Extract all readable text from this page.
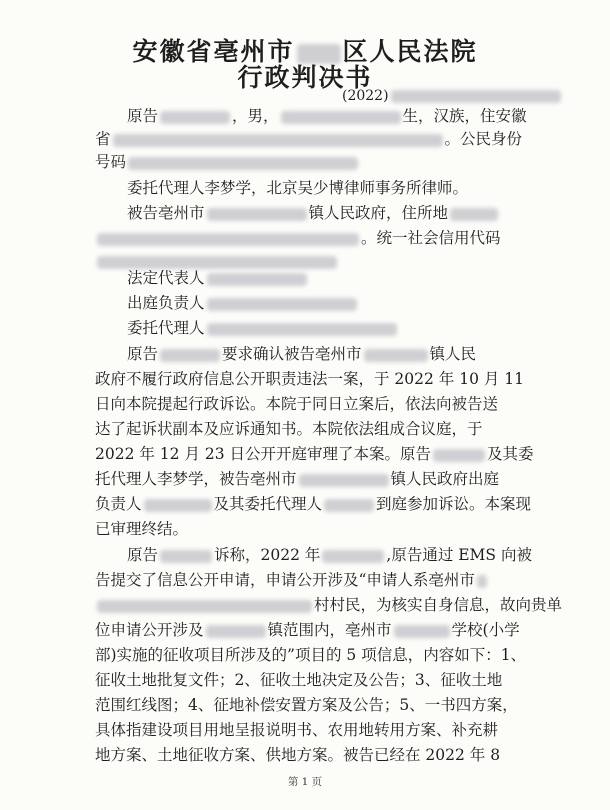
安徽省亳州市 区人民法院
行政判决书
(2022)
原告	，男，	生，汉族，住安徽
省	。公民身份
号码
委托代理人李梦学，北京吴少博律师事务所律师。
被告亳州市	镇人民政府，住所地
。统一社会信用代码
法定代表人
出庭负责人
委托代理人
原告	要求确认被告亳州市	镇人民
政府不履行政府信息公开职责违法一案，于 2022 年 10 月 11
日向本院提起行政诉讼。本院于同日立案后，依法向被告送
达了起诉状副本及应诉通知书。本院依法组成合议庭，于
2022 年 12 月 23 日公开开庭审理了本案。原告	及其委
托代理人李梦学，被告亳州市	镇人民政府出庭
负责人	及其委托代理人	到庭参加诉讼。本案现
已审理终结。
原告	诉称，2022 年	,原告通过 EMS 向被
告提交了信息公开申请，申请公开涉及“申请人系亳州市
村村民，为核实自身信息，故向贵单
位申请公开涉及	镇范围内，亳州市	学校(小学
部)实施的征收项目所涉及的”项目的 5 项信息，内容如下：1、
征收土地批复文件；2、征收土地决定及公告；3、征收土地
范围红线图；4、征地补偿安置方案及公告；5、一书四方案，
具体指建设项目用地呈报说明书、农用地转用方案、补充耕
地方案、土地征收方案、供地方案。被告已经在 2022 年 8
第 1 页
